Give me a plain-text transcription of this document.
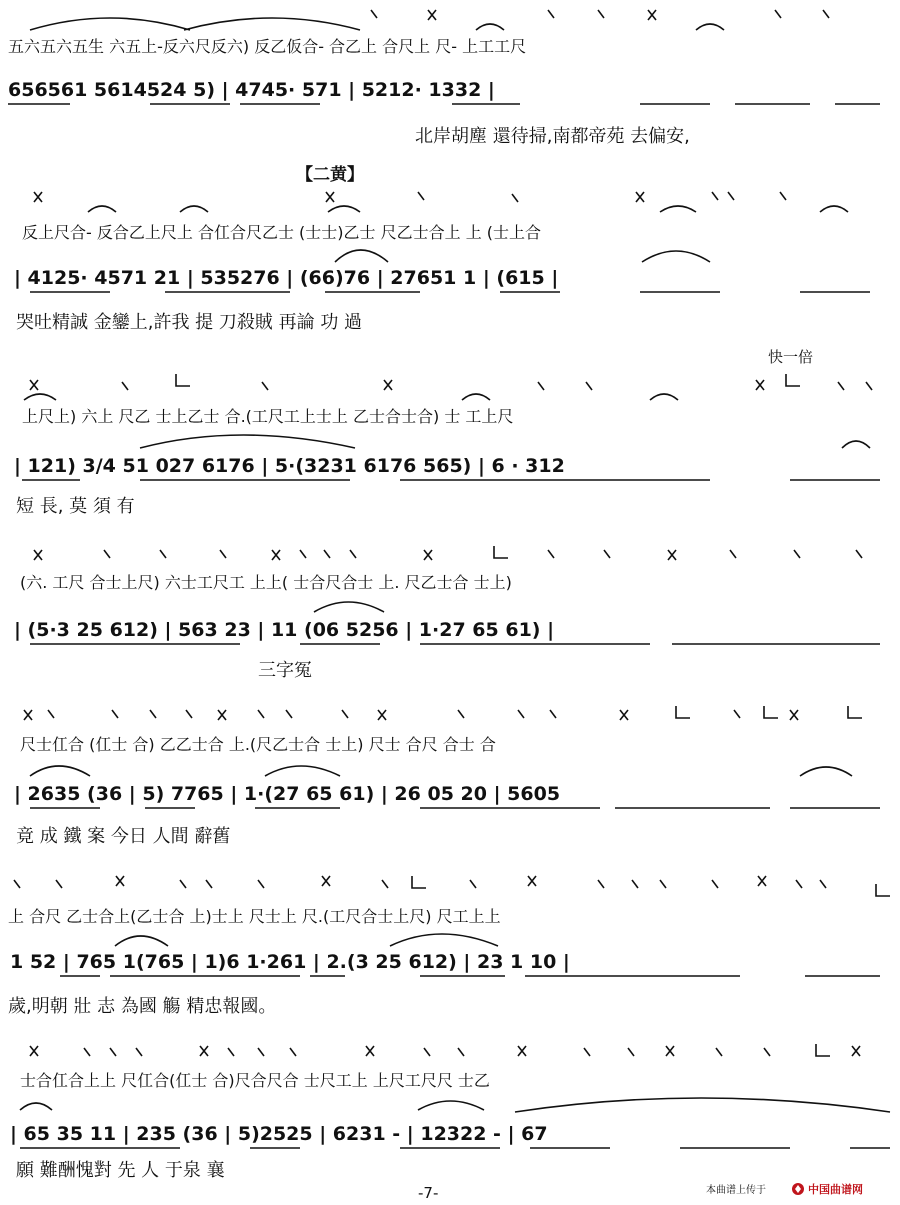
五六五六五生 六五上-反六尺反六) 反乙仮合- 合乙上 合尺上 尺- 上工工尺
656561 5614524 5) | 4745· 571 | 5212· 1332 |
北岸胡塵 還待掃,南都帝苑 去偏安,
【二黄】
反上尺合- 反合乙上尺上 合仜合尺乙士 (士士)乙士 尺乙士合上 上 (士上合
| 4125· 4571 21 | 535276 | (66)76 | 27651 1 | (615 |
哭吐精誠 金鑾上,許我 提 刀殺賊 再論 功 過
快一倍
上尺上) 六上 尺乙 士上乙士 合.(工尺工上士上 乙士合士合) 士 工上尺
| 121) 3/4 51 027 6176 | 5·(3231 6176 565) | 6 · 312
短 長, 莫 須 有
(六. 工尺 合士上尺) 六士工尺工 上上( 士合尺合士 上. 尺乙士合 士上)
| (5·3 25 612) | 563 23 | 11 (06 5256 | 1·27 65 61) |
三字冤
尺士仜合 (仜士 合) 乙乙士合 上.(尺乙士合 士上) 尺士 合尺 合士 合
| 2635 (36 | 5) 7765 | 1·(27 65 61) | 26 05 20 | 5605
竟 成 鐵 案 今日 人間 辭舊
上 合尺 乙士合上(乙士合 上)士上 尺士上 尺.(工尺合士上尺) 尺工上上
1 52 | 765 1(765 | 1)6 1·261 | 2.(3 25 612) | 23 1 10 |
歲,明朝 壯 志 為國 觴 精忠報國。
士合仜合上上 尺仜合(仜士 合)尺合尺合 士尺工上 上尺工尺尺 士乙
| 65 35 11 | 235 (36 | 5)2525 | 6231 - | 12322 - | 67
願 難酬愧對 先 人 于泉 襄
-7-	本曲谱上传于	中国曲谱网
